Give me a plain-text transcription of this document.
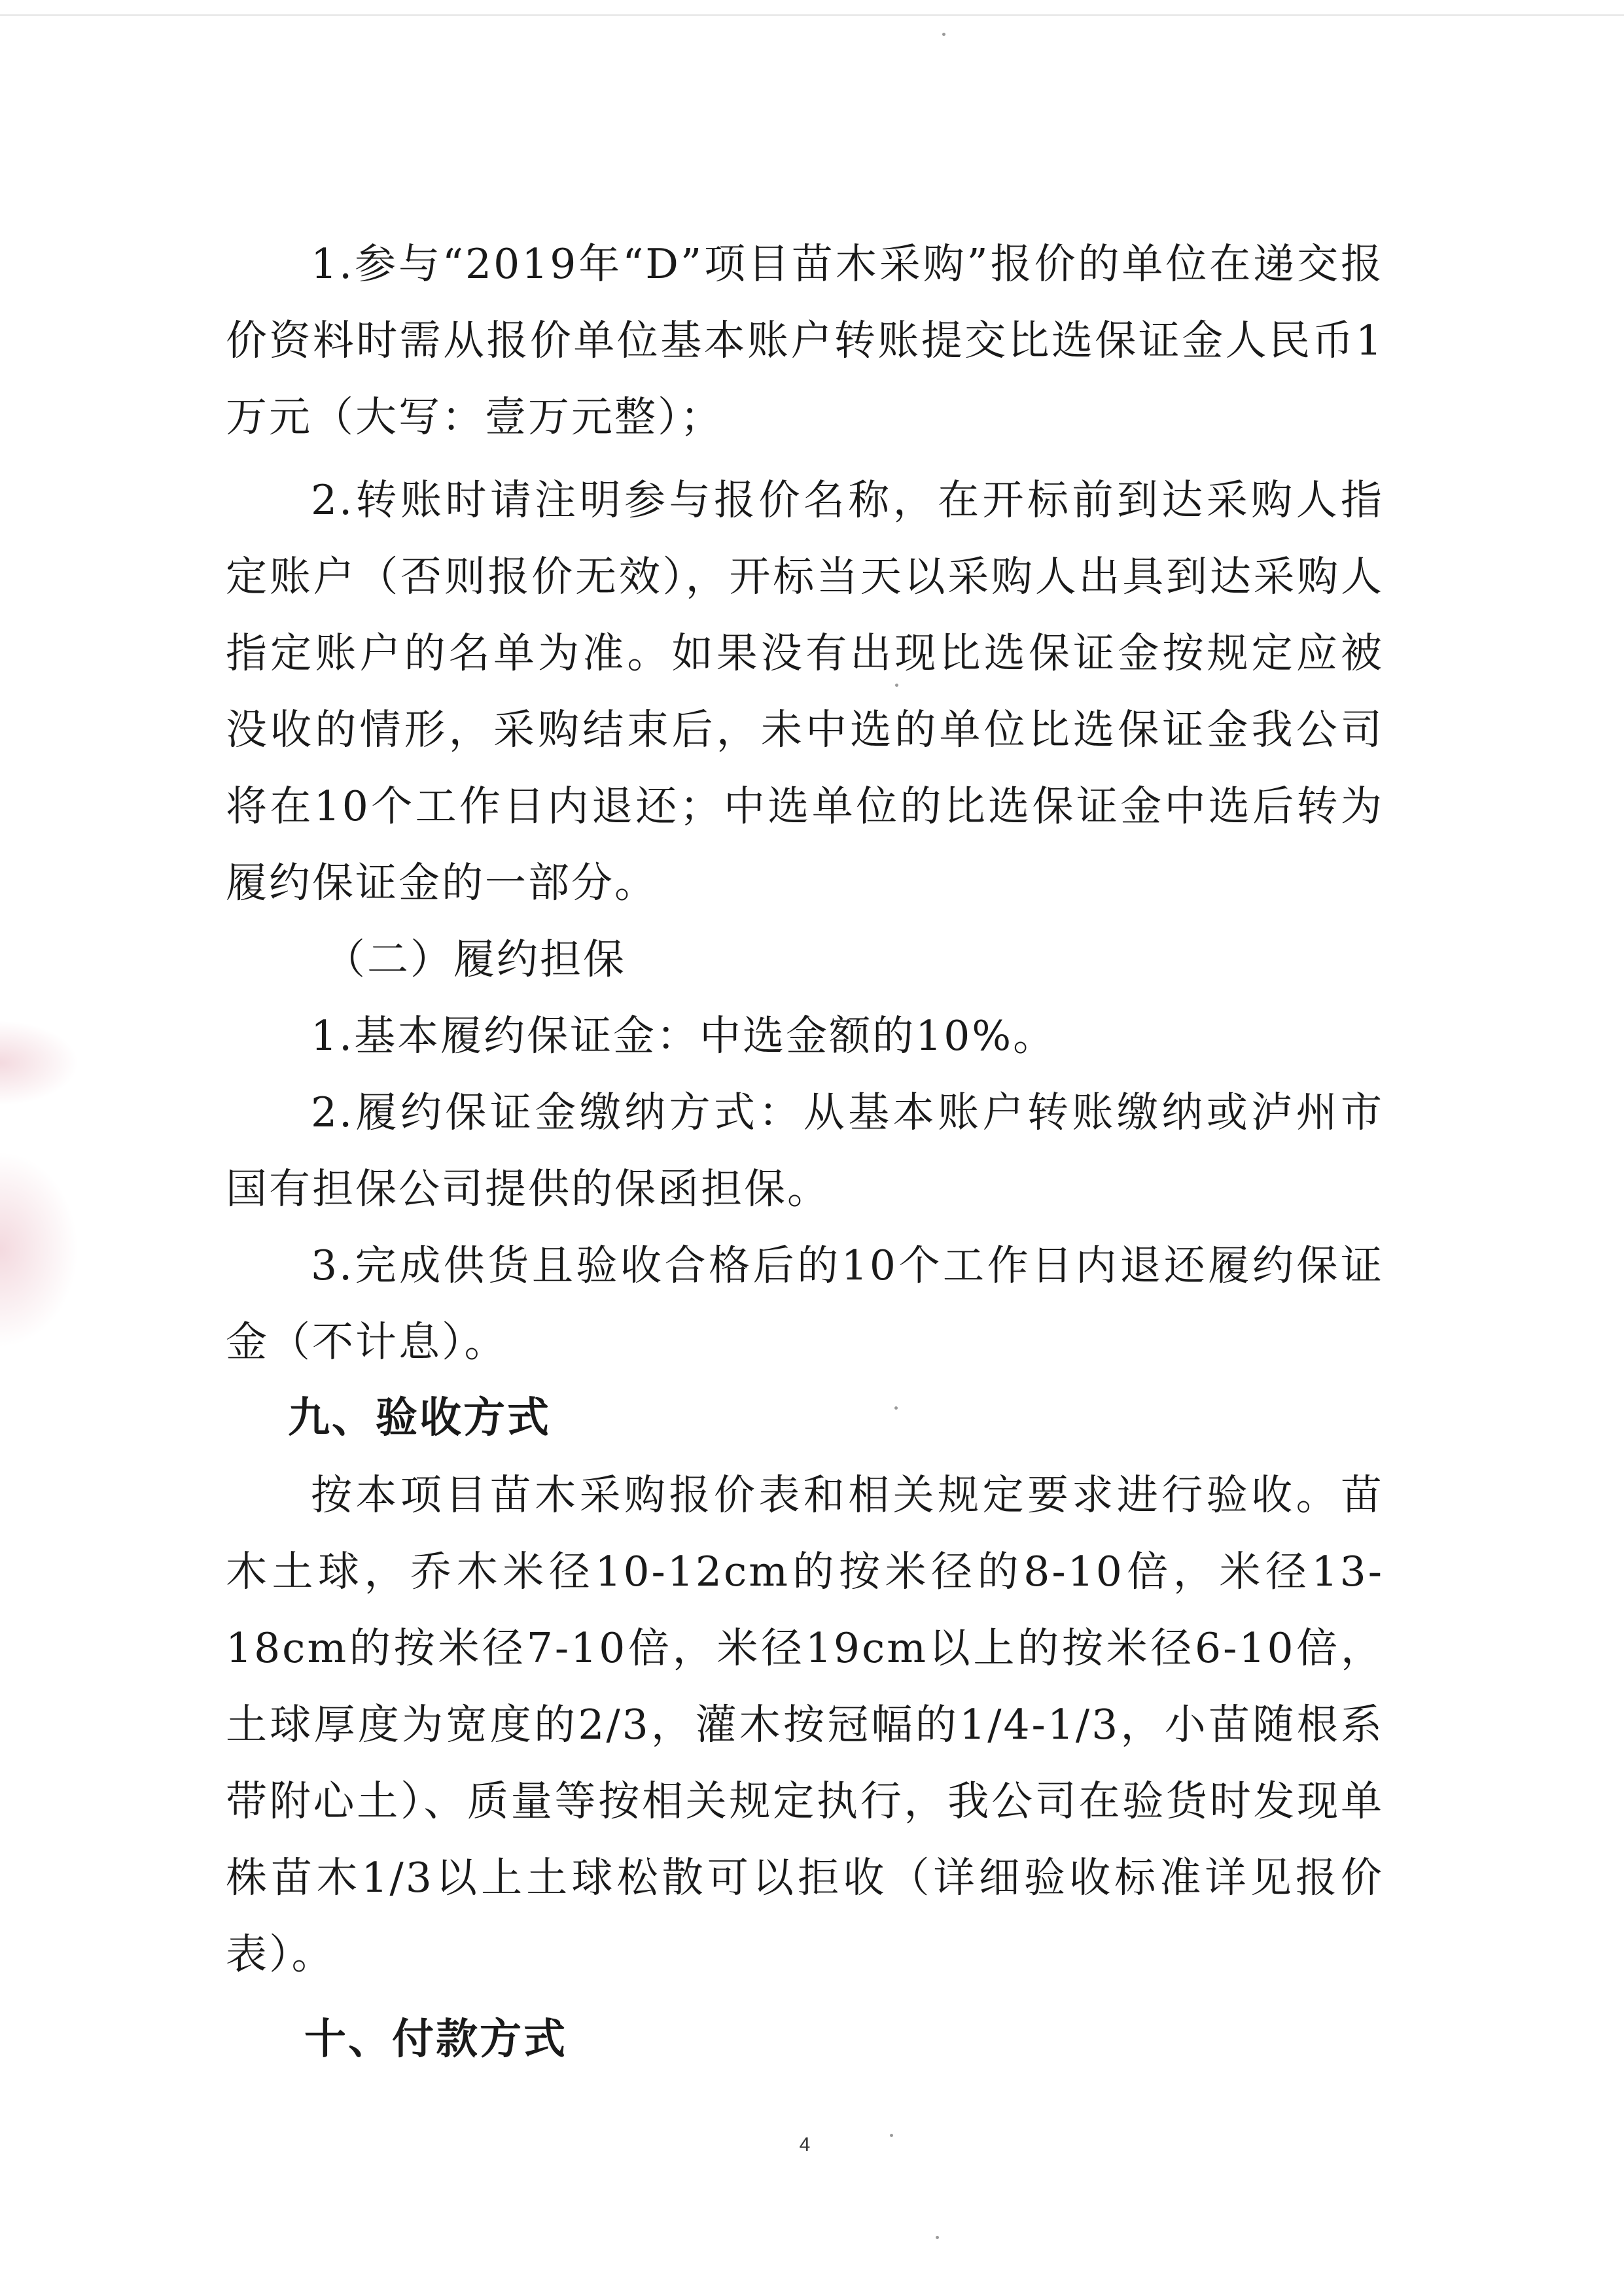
1.参与“2019年“D”项目苗木采购”报价的单位在递交报价资料时需从报价单位基本账户转账提交比选保证金人民币1万元（大写：壹万元整）；

2.转账时请注明参与报价名称，在开标前到达采购人指定账户（否则报价无效），开标当天以采购人出具到达采购人指定账户的名单为准。如果没有出现比选保证金按规定应被没收的情形，采购结束后，未中选的单位比选保证金我公司将在10个工作日内退还；中选单位的比选保证金中选后转为履约保证金的一部分。

（二）履约担保

1.基本履约保证金：中选金额的10%。

2.履约保证金缴纳方式：从基本账户转账缴纳或泸州市国有担保公司提供的保函担保。

3.完成供货且验收合格后的10个工作日内退还履约保证金（不计息）。

九、验收方式

按本项目苗木采购报价表和相关规定要求进行验收。苗木土球，乔木米径10-12cm的按米径的8-10倍，米径13-18cm的按米径7-10倍，米径19cm以上的按米径6-10倍，土球厚度为宽度的2/3，灌木按冠幅的1/4-1/3，小苗随根系带附心土）、质量等按相关规定执行，我公司在验货时发现单株苗木1/3以上土球松散可以拒收（详细验收标准详见报价表）。

十、付款方式
4
